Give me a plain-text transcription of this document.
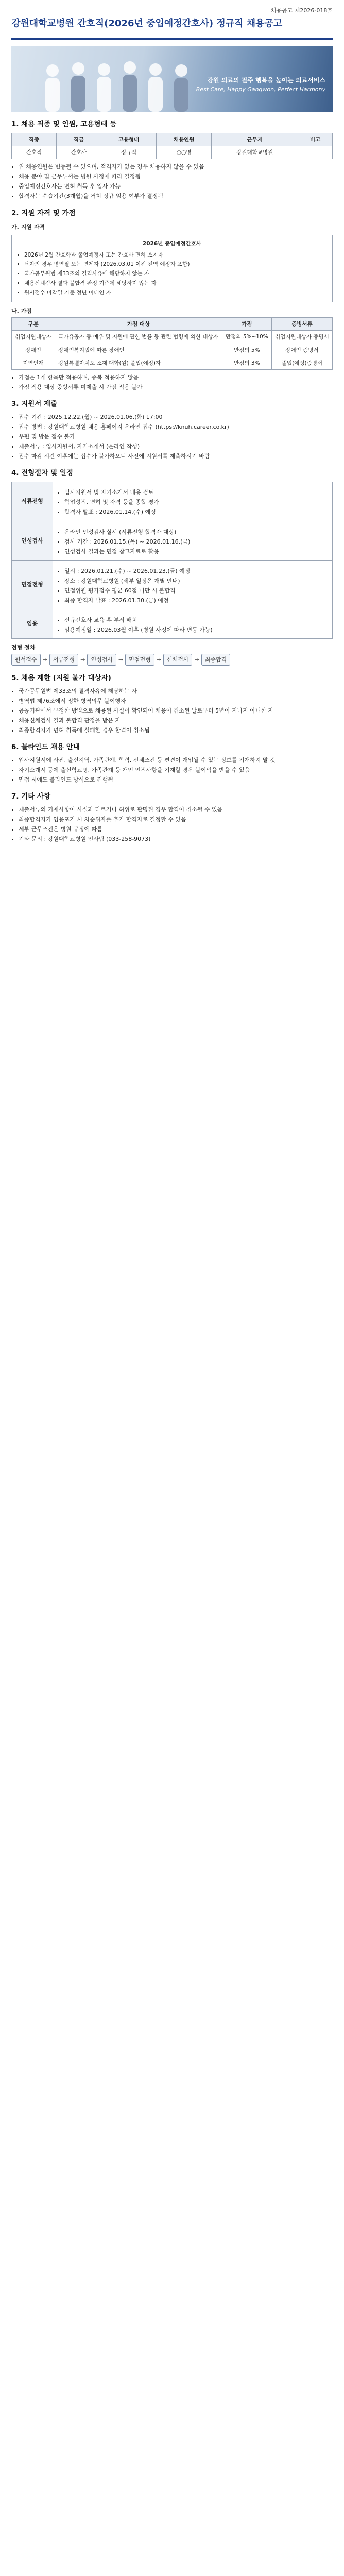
채용공고 제2026-018호
강원대학교병원 간호직(2026년 중입예정간호사) 정규직 채용공고
강원 의료의 필주 행복을 높이는 의료서비스
Best Care, Happy Gangwon, Perfect Harmony
1. 채용 직종 및 인원, 고용형태 등
직종	직급	고용형태	채용인원	근무지	비고
간호직	간호사	정규직	○○명	강원대학교병원	
• 위 채용인원은 변동될 수 있으며, 적격자가 없는 경우 채용하지 않을 수 있음
• 채용 분야 및 근무부서는 병원 사정에 따라 결정됨
• 중입예정간호사는 면허 취득 후 입사 가능
• 합격자는 수습기간(3개월)을 거쳐 정규 임용 여부가 결정됨
2. 지원 자격 및 가점
가. 지원 자격
2026년 중입예정간호사
• 2026년 2월 간호학과 졸업예정자 또는 간호사 면허 소지자
• 남자의 경우 병역필 또는 면제자 (2026.03.01 이전 전역 예정자 포함)
• 국가공무원법 제33조의 결격사유에 해당하지 않는 자
• 채용신체검사 결과 불합격 판정 기준에 해당하지 않는 자
• 원서접수 마감일 기준 정년 이내인 자
나. 가점
구분	가점 대상	가점	증빙서류
취업지원대상자	국가유공자 등 예우 및 지원에 관한 법률 등 관련 법령에 의한 대상자	만점의 5%~10%	취업지원대상자 증명서
장애인	장애인복지법에 따른 장애인	만점의 5%	장애인 증명서
지역인재	강원특별자치도 소재 대학(원) 졸업(예정)자	만점의 3%	졸업(예정)증명서
• 가점은 1개 항목만 적용하며, 중복 적용하지 않음
• 가점 적용 대상 증빙서류 미제출 시 가점 적용 불가
3. 지원서 제출
• 접수 기간 : 2025.12.22.(월) ~ 2026.01.06.(화) 17:00
• 접수 방법 : 강원대학교병원 채용 홈페이지 온라인 접수 (https://knuh.career.co.kr)
• 우편 및 방문 접수 불가
• 제출서류 : 입사지원서, 자기소개서 (온라인 작성)
• 접수 마감 시간 이후에는 접수가 불가하오니 사전에 지원서를 제출하시기 바람
4. 전형절차 및 일정
서류전형
• 입사지원서 및 자기소개서 내용 검토
• 학업성적, 면허 및 자격 등을 종합 평가
• 합격자 발표 : 2026.01.14.(수) 예정
인성검사
• 온라인 인성검사 실시 (서류전형 합격자 대상)
• 검사 기간 : 2026.01.15.(목) ~ 2026.01.16.(금)
• 인성검사 결과는 면접 참고자료로 활용
면접전형
• 일시 : 2026.01.21.(수) ~ 2026.01.23.(금) 예정
• 장소 : 강원대학교병원 (세부 일정은 개별 안내)
• 면접위원 평가점수 평균 60점 미만 시 불합격
• 최종 합격자 발표 : 2026.01.30.(금) 예정
임용
• 신규간호사 교육 후 부서 배치
• 임용예정일 : 2026.03월 이후 (병원 사정에 따라 변동 가능)
전형 절차
원서접수	→	서류전형	→	인성검사	→	면접전형	→	신체검사	→	최종합격
5. 채용 제한 (지원 불가 대상자)
• 국가공무원법 제33조의 결격사유에 해당하는 자
• 병역법 제76조에서 정한 병역의무 불이행자
• 공공기관에서 부정한 방법으로 채용된 사실이 확인되어 채용이 취소된 날로부터 5년이 지나지 아니한 자
• 채용신체검사 결과 불합격 판정을 받은 자
• 최종합격자가 면허 취득에 실패한 경우 합격이 취소됨
6. 블라인드 채용 안내
• 입사지원서에 사진, 출신지역, 가족관계, 학력, 신체조건 등 편견이 개입될 수 있는 정보를 기재하지 말 것
• 자기소개서 등에 출신학교명, 가족관계 등 개인 인적사항을 기재할 경우 불이익을 받을 수 있음
• 면접 시에도 블라인드 방식으로 진행됨
7. 기타 사항
• 제출서류의 기재사항이 사실과 다르거나 허위로 판명된 경우 합격이 취소될 수 있음
• 최종합격자가 임용포기 시 차순위자를 추가 합격자로 결정할 수 있음
• 세부 근무조건은 병원 규정에 따름
• 기타 문의 : 강원대학교병원 인사팀 (033-258-9073)
